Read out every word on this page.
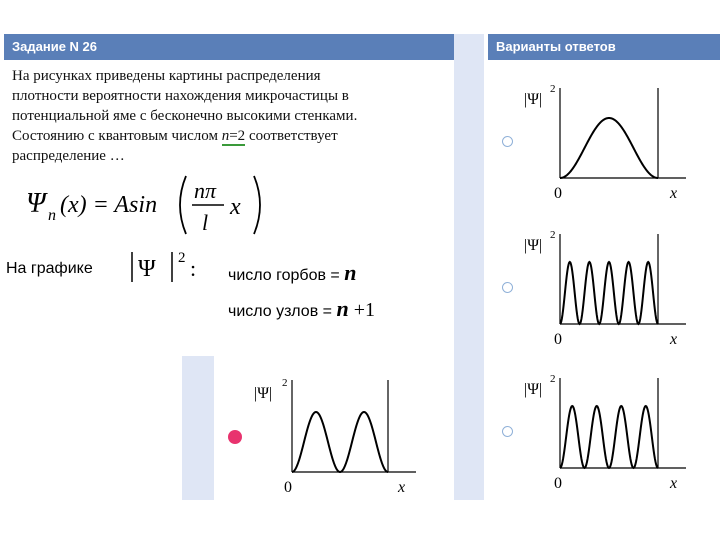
Задание N 26	Варианты ответов
На рисунках приведены картины распределения
плотности вероятности нахождения микрочастицы в
потенциальной яме с бесконечно высокими стенками.
Состоянию с квантовым числом n=2 соответствует
распределение …
Ψ n (x) = Asin
nπ
l
x
На графике Ψ 2 : число горбов = n
число узлов = n +1
|Ψ|
2
0	x
|Ψ|
2
0	x
|Ψ|
2
0	x
|Ψ|
2
0	x
